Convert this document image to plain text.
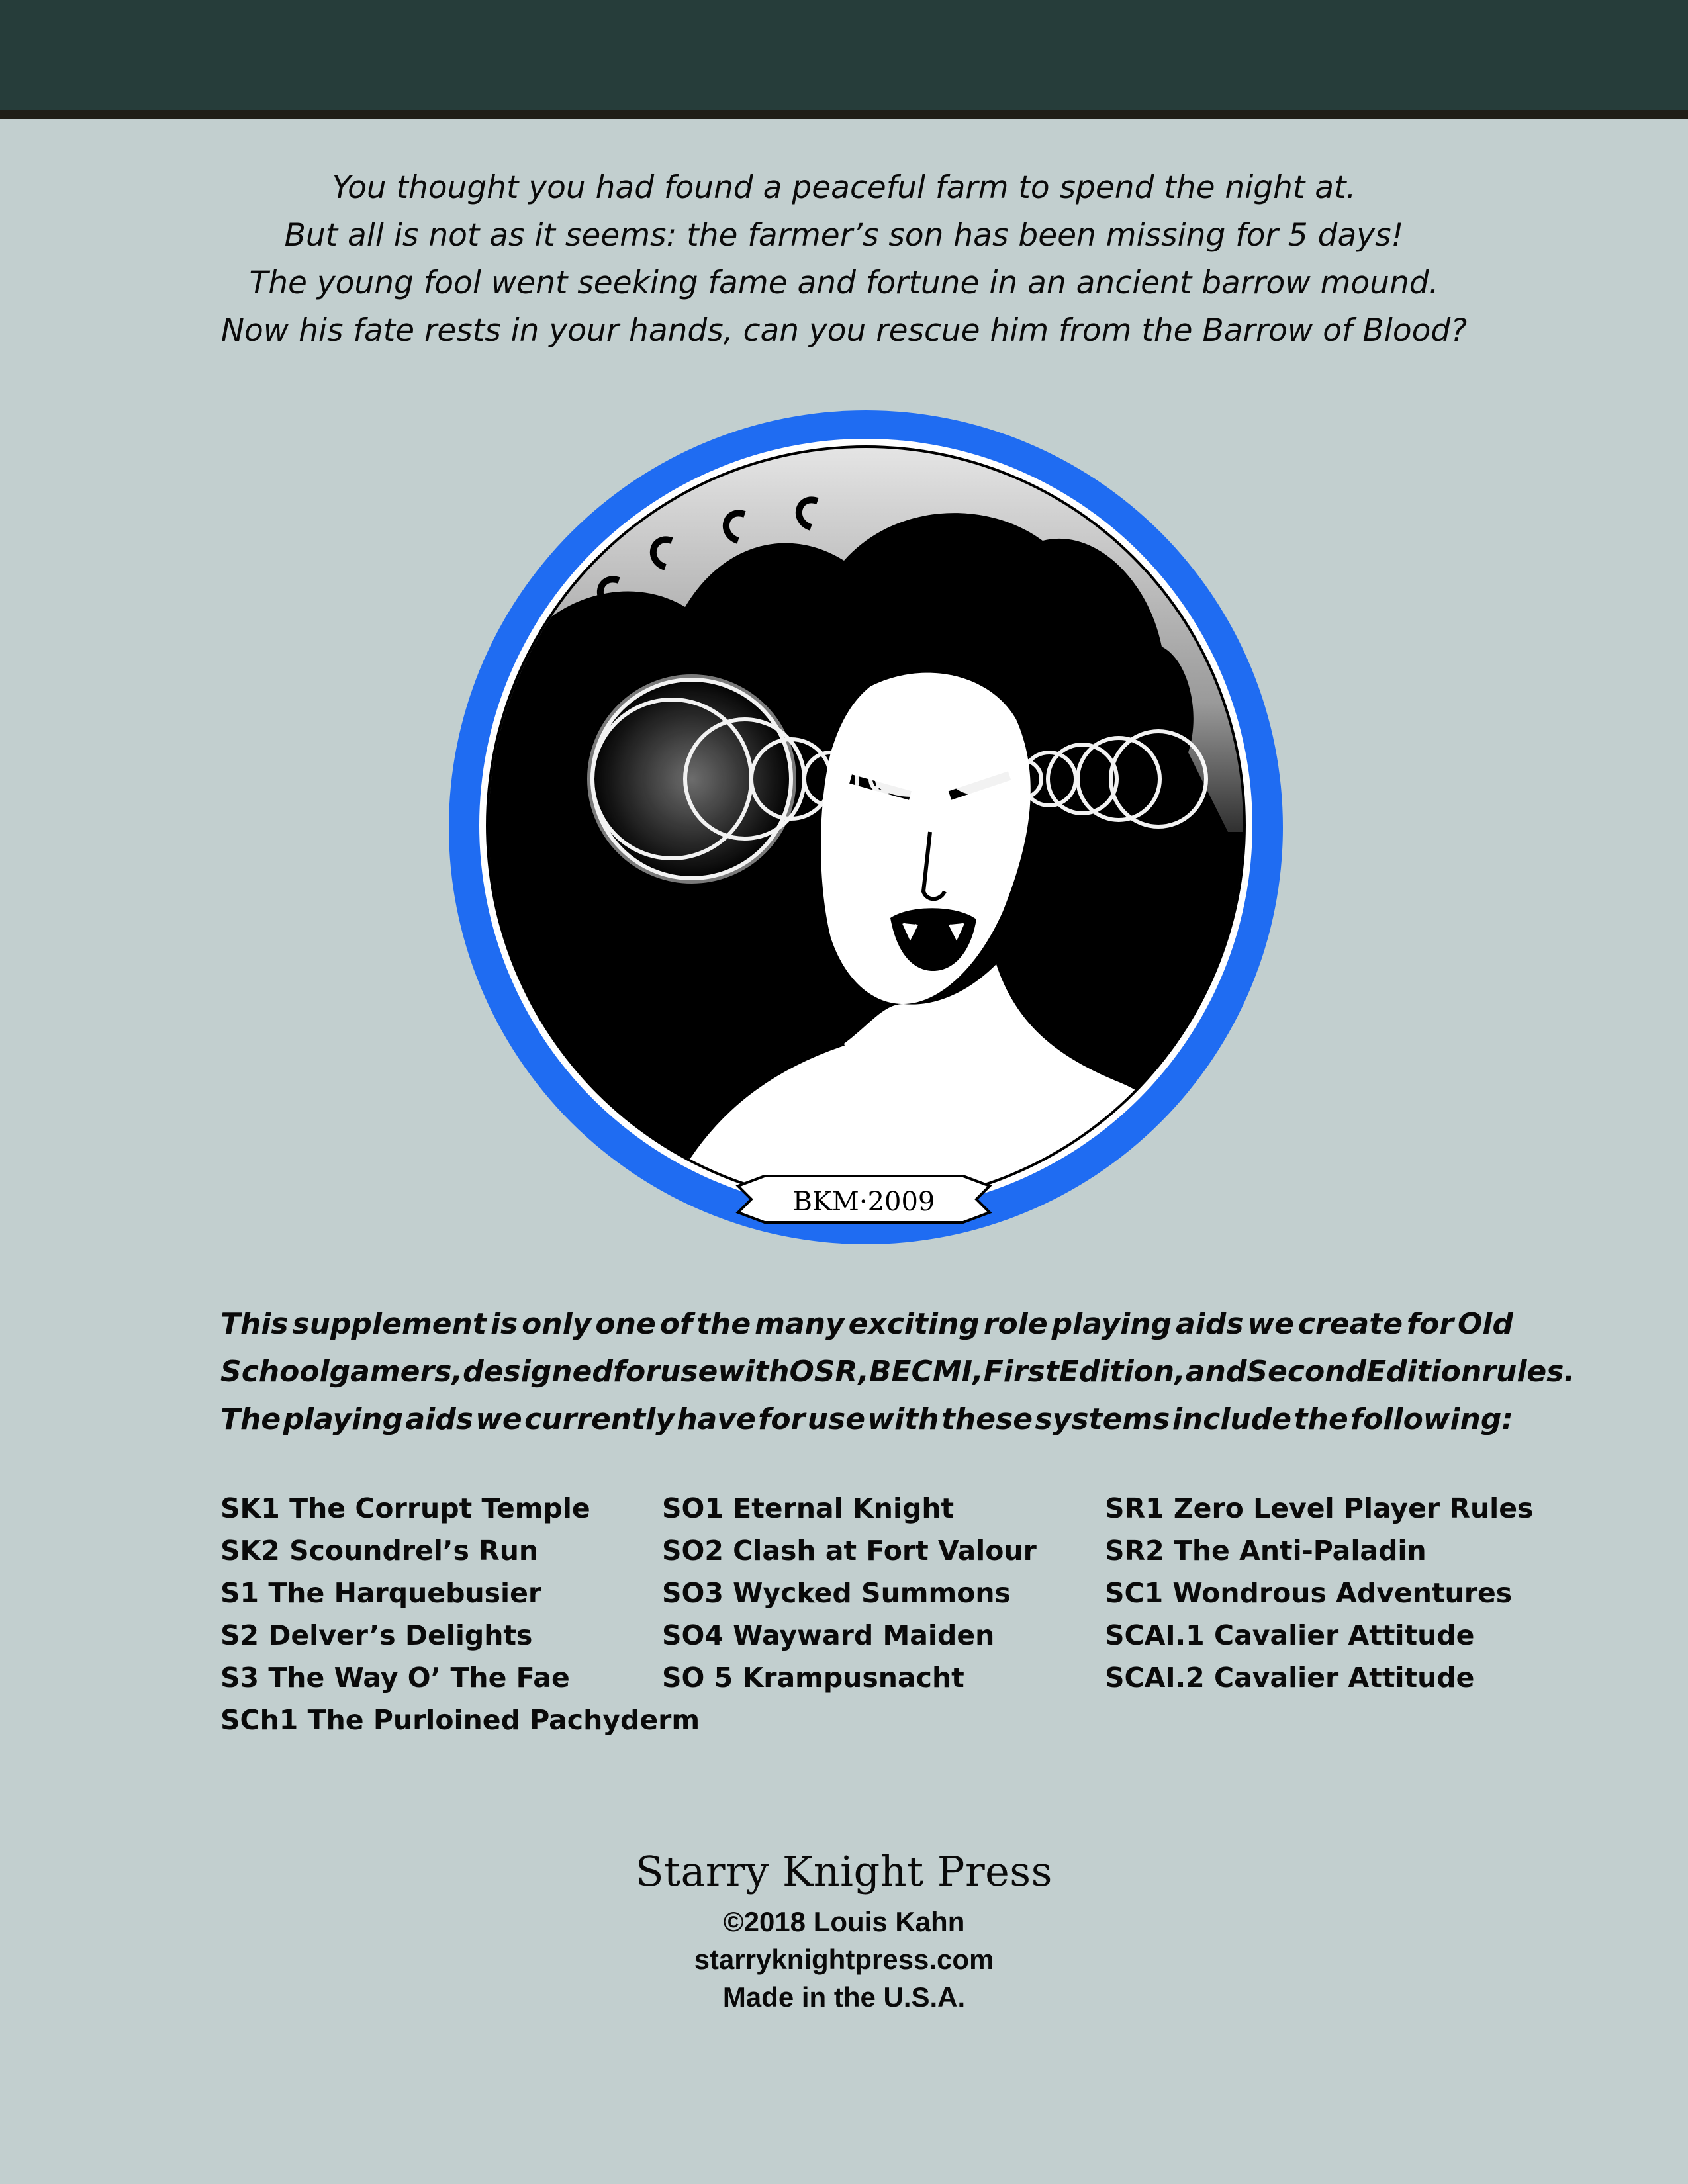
You thought you had found a peaceful farm to spend the night at.
But all is not as it seems: the farmer’s son has been missing for 5 days!
The young fool went seeking fame and fortune in an ancient barrow mound.
Now his fate rests in your hands, can you rescue him from the Barrow of Blood?
BKM·2009
This supplement is only one of the many exciting role playing aids we create for Old
School gamers, designed for use with OSR, BECMI, First Edition, and Second Edition rules.
The playing aids we currently have for use with these systems include the following:
SK1 The Corrupt Temple
SK2 Scoundrel’s Run
S1 The Harquebusier
S2 Delver’s Delights
S3 The Way O’ The Fae
SCh1 The Purloined Pachyderm
SO1 Eternal Knight
SO2 Clash at Fort Valour
SO3 Wycked Summons
SO4 Wayward Maiden
SO 5 Krampusnacht
SR1 Zero Level Player Rules
SR2 The Anti-Paladin
SC1 Wondrous Adventures
SCAI.1 Cavalier Attitude
SCAI.2 Cavalier Attitude
Starry Knight Press
©2018 Louis Kahn
starryknightpress.com
Made in the U.S.A.
